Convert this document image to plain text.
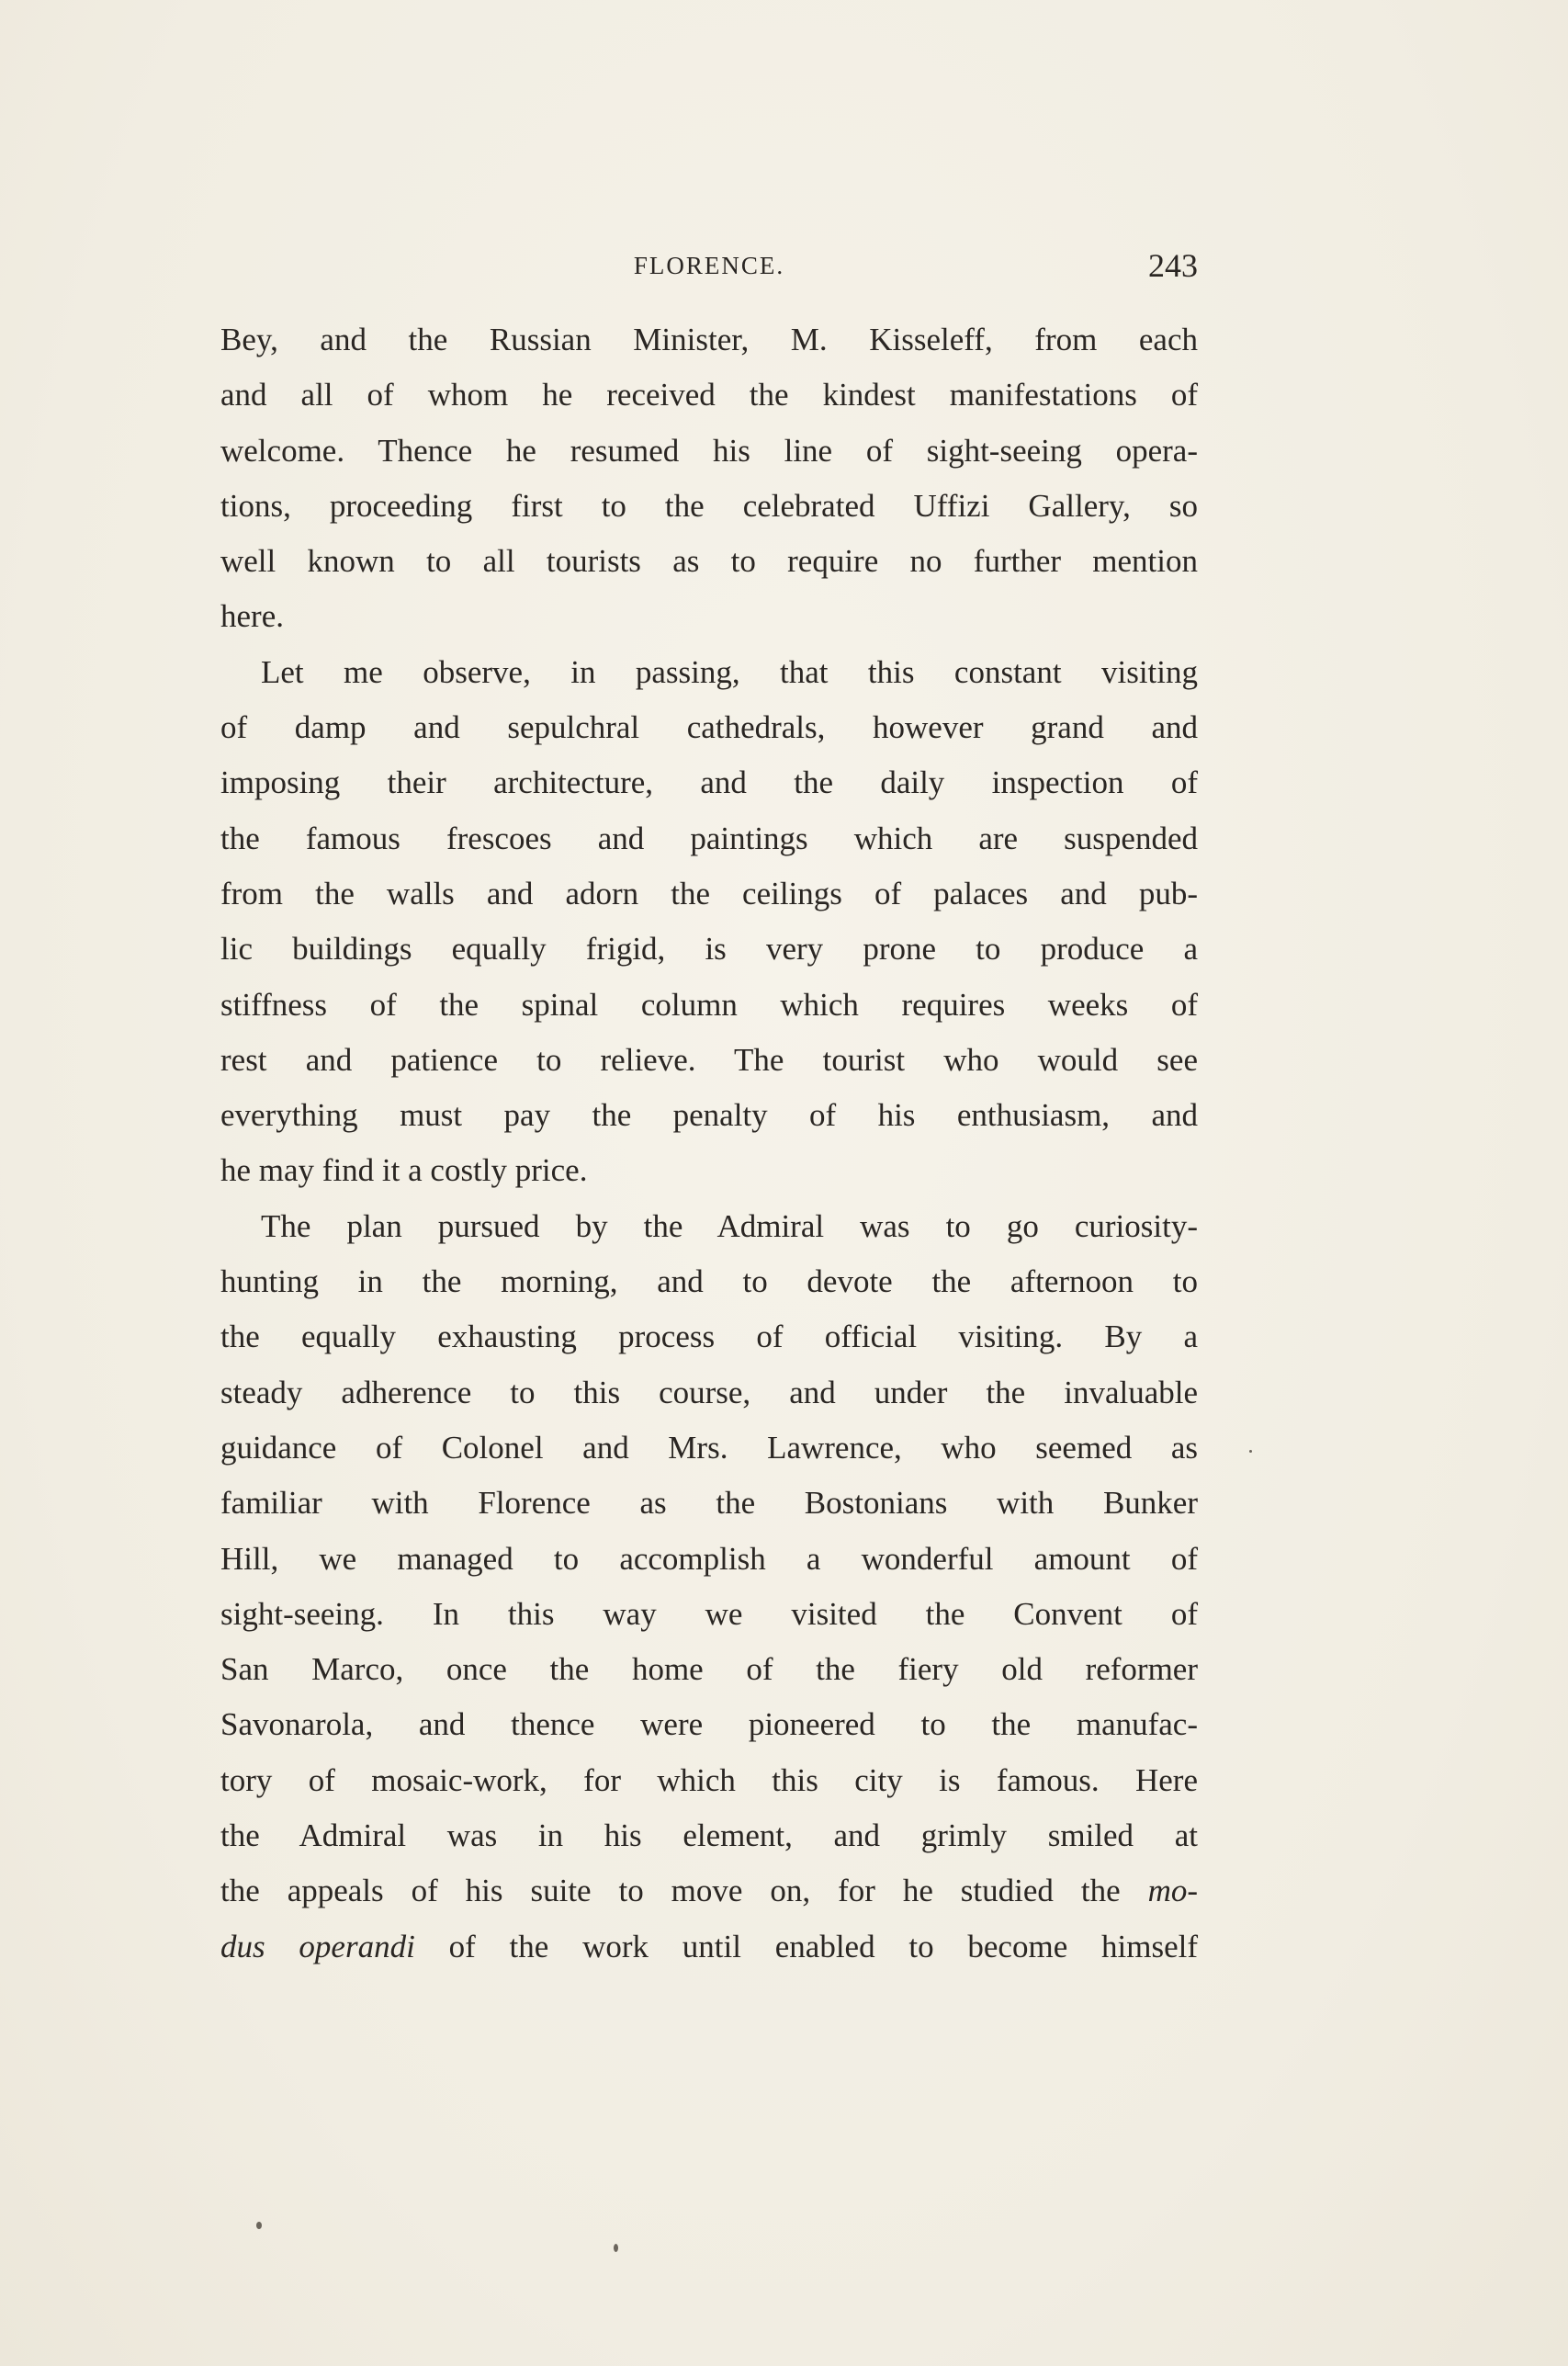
FLORENCE.	243
Bey, and the Russian Minister, M. Kisseleff, from each
and all of whom he received the kindest manifestations of
welcome. Thence he resumed his line of sight-seeing opera-
tions, proceeding first to the celebrated Uffizi Gallery, so
well known to all tourists as to require no further mention
here.
Let me observe, in passing, that this constant visiting
of damp and sepulchral cathedrals, however grand and
imposing their architecture, and the daily inspection of
the famous frescoes and paintings which are suspended
from the walls and adorn the ceilings of palaces and pub-
lic buildings equally frigid, is very prone to produce a
stiffness of the spinal column which requires weeks of
rest and patience to relieve. The tourist who would see
everything must pay the penalty of his enthusiasm, and
he may find it a costly price.
The plan pursued by the Admiral was to go curiosity-
hunting in the morning, and to devote the afternoon to
the equally exhausting process of official visiting. By a
steady adherence to this course, and under the invaluable
guidance of Colonel and Mrs. Lawrence, who seemed as
familiar with Florence as the Bostonians with Bunker
Hill, we managed to accomplish a wonderful amount of
sight-seeing. In this way we visited the Convent of
San Marco, once the home of the fiery old reformer
Savonarola, and thence were pioneered to the manufac-
tory of mosaic-work, for which this city is famous. Here
the Admiral was in his element, and grimly smiled at
the appeals of his suite to move on, for he studied the mo-
dus operandi of the work until enabled to become himself
